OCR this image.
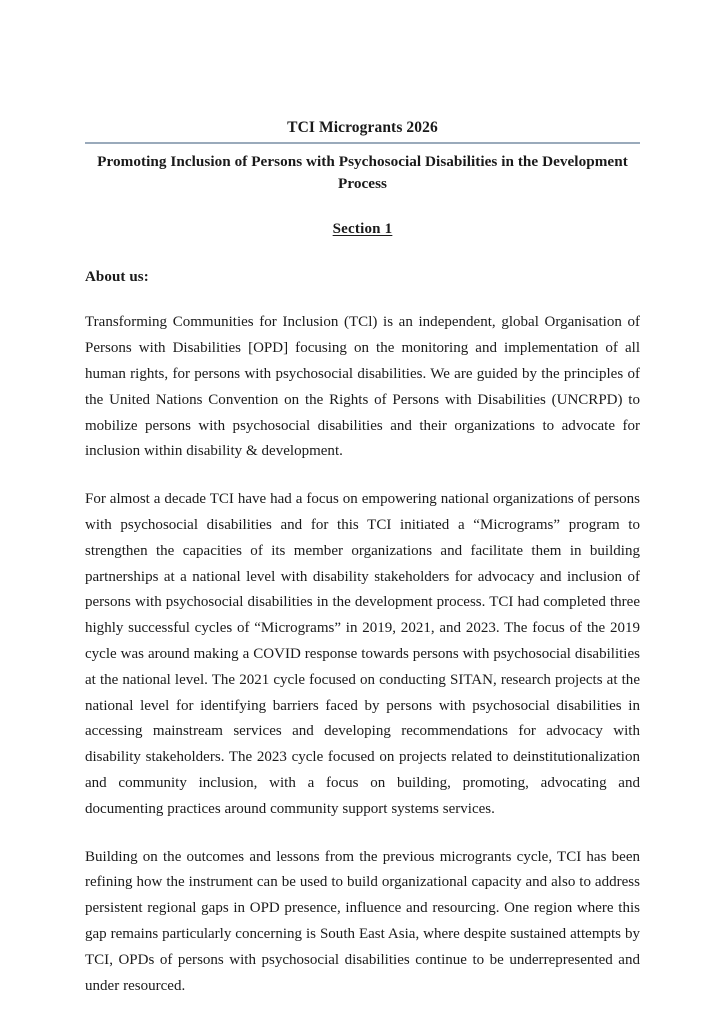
TCI Microgrants 2026
Promoting Inclusion of Persons with Psychosocial Disabilities in the Development Process
Section 1

About us:

Transforming Communities for Inclusion (TCl) is an independent, global Organisation of Persons with Disabilities [OPD] focusing on the monitoring and implementation of all human rights, for persons with psychosocial disabilities. We are guided by the principles of the United Nations Convention on the Rights of Persons with Disabilities (UNCRPD) to mobilize persons with psychosocial disabilities and their organizations to advocate for inclusion within disability & development.

For almost a decade TCI have had a focus on empowering national organizations of persons with psychosocial disabilities and for this TCI initiated a “Micrograms” program to strengthen the capacities of its member organizations and facilitate them in building partnerships at a national level with disability stakeholders for advocacy and inclusion of persons with psychosocial disabilities in the development process. TCI had completed three highly successful cycles of “Micrograms” in 2019, 2021, and 2023. The focus of the 2019 cycle was around making a COVID response towards persons with psychosocial disabilities at the national level. The 2021 cycle focused on conducting SITAN, research projects at the national level for identifying barriers faced by persons with psychosocial disabilities in accessing mainstream services and developing recommendations for advocacy with disability stakeholders. The 2023 cycle focused on projects related to deinstitutionalization and community inclusion, with a focus on building, promoting, advocating and documenting practices around community support systems services.

Building on the outcomes and lessons from the previous microgrants cycle, TCI has been refining how the instrument can be used to build organizational capacity and also to address persistent regional gaps in OPD presence, influence and resourcing. One region where this gap remains particularly concerning is South East Asia, where despite sustained attempts by TCI, OPDs of persons with psychosocial disabilities continue to be underrepresented and under resourced.
